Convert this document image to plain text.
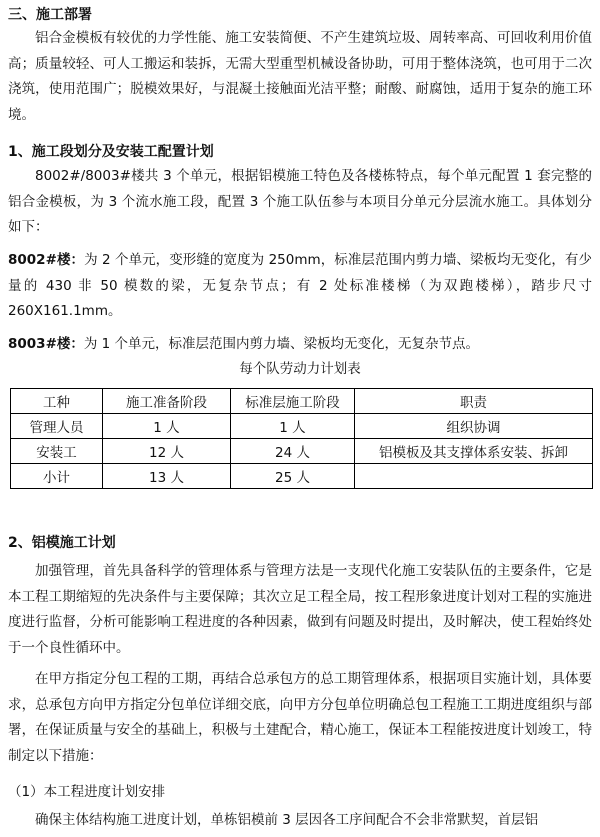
三、施工部署
铝合金模板有较优的力学性能、施工安装简便、不产生建筑垃圾、周转率高、可回收利用价值高；质量较轻、可人工搬运和装拆，无需大型重型机械设备协助，可用于整体浇筑，也可用于二次浇筑，使用范围广；脱模效果好，与混凝土接触面光洁平整；耐酸、耐腐蚀，适用于复杂的施工环境。
1、施工段划分及安装工配置计划
8002#/8003#楼共 3 个单元，根据铝模施工特色及各楼栋特点，每个单元配置 1 套完整的铝合金模板，为 3 个流水施工段，配置 3 个施工队伍参与本项目分单元分层流水施工。具体划分如下：
8002#楼：为 2 个单元，变形缝的宽度为 250mm，标准层范围内剪力墙、梁板均无变化，有少量的 430 非 50 模数的梁，无复杂节点；有 2 处标准楼梯（为双跑楼梯），踏步尺寸 260X161.1mm。
8003#楼：为 1 个单元，标准层范围内剪力墙、梁板均无变化，无复杂节点。
每个队劳动力计划表
工种	施工准备阶段	标准层施工阶段	职责
管理人员	1 人	1 人	组织协调
安装工	12 人	24 人	铝模板及其支撑体系安装、拆卸
小计	13 人	25 人	
2、铝模施工计划
加强管理，首先具备科学的管理体系与管理方法是一支现代化施工安装队伍的主要条件，它是本工程工期缩短的先决条件与主要保障；其次立足工程全局，按工程形象进度计划对工程的实施进度进行监督，分析可能影响工程进度的各种因素，做到有问题及时提出，及时解决，使工程始终处于一个良性循环中。
在甲方指定分包工程的工期，再结合总承包方的总工期管理体系，根据项目实施计划，具体要求，总承包方向甲方指定分包单位详细交底，向甲方分包单位明确总包工程施工工期进度组织与部署，在保证质量与安全的基础上，积极与土建配合，精心施工，保证本工程能按进度计划竣工，特制定以下措施：
（1）本工程进度计划安排
确保主体结构施工进度计划，单栋铝模前 3 层因各工序间配合不会非常默契，首层铝
